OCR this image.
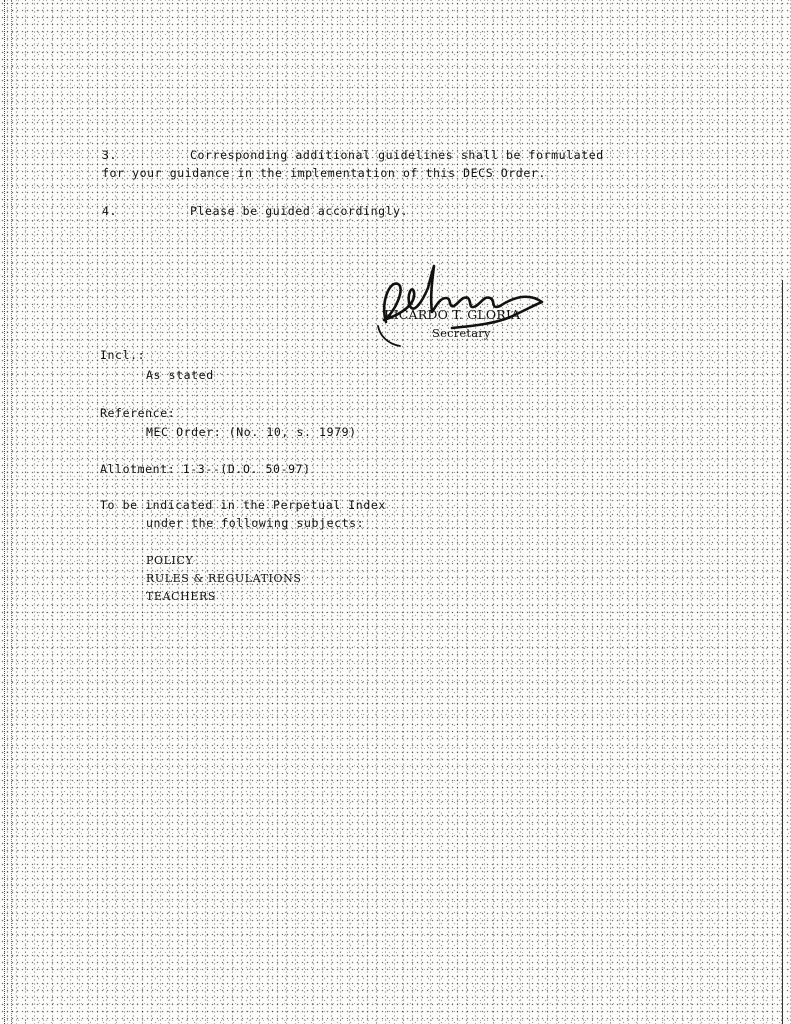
3.	Corresponding additional guidelines shall be formulated
for your guidance in the implementation of this DECS Order.
4.	Please be guided accordingly.
RICARDO T. GLORIA
Secretary
Incl.:
As stated
Reference:
MEC Order: (No. 10, s. 1979)
Allotment: 1-3--(D.O. 50-97)
To be indicated in the Perpetual Index
under the following subjects:
POLICY
RULES & REGULATIONS
TEACHERS
